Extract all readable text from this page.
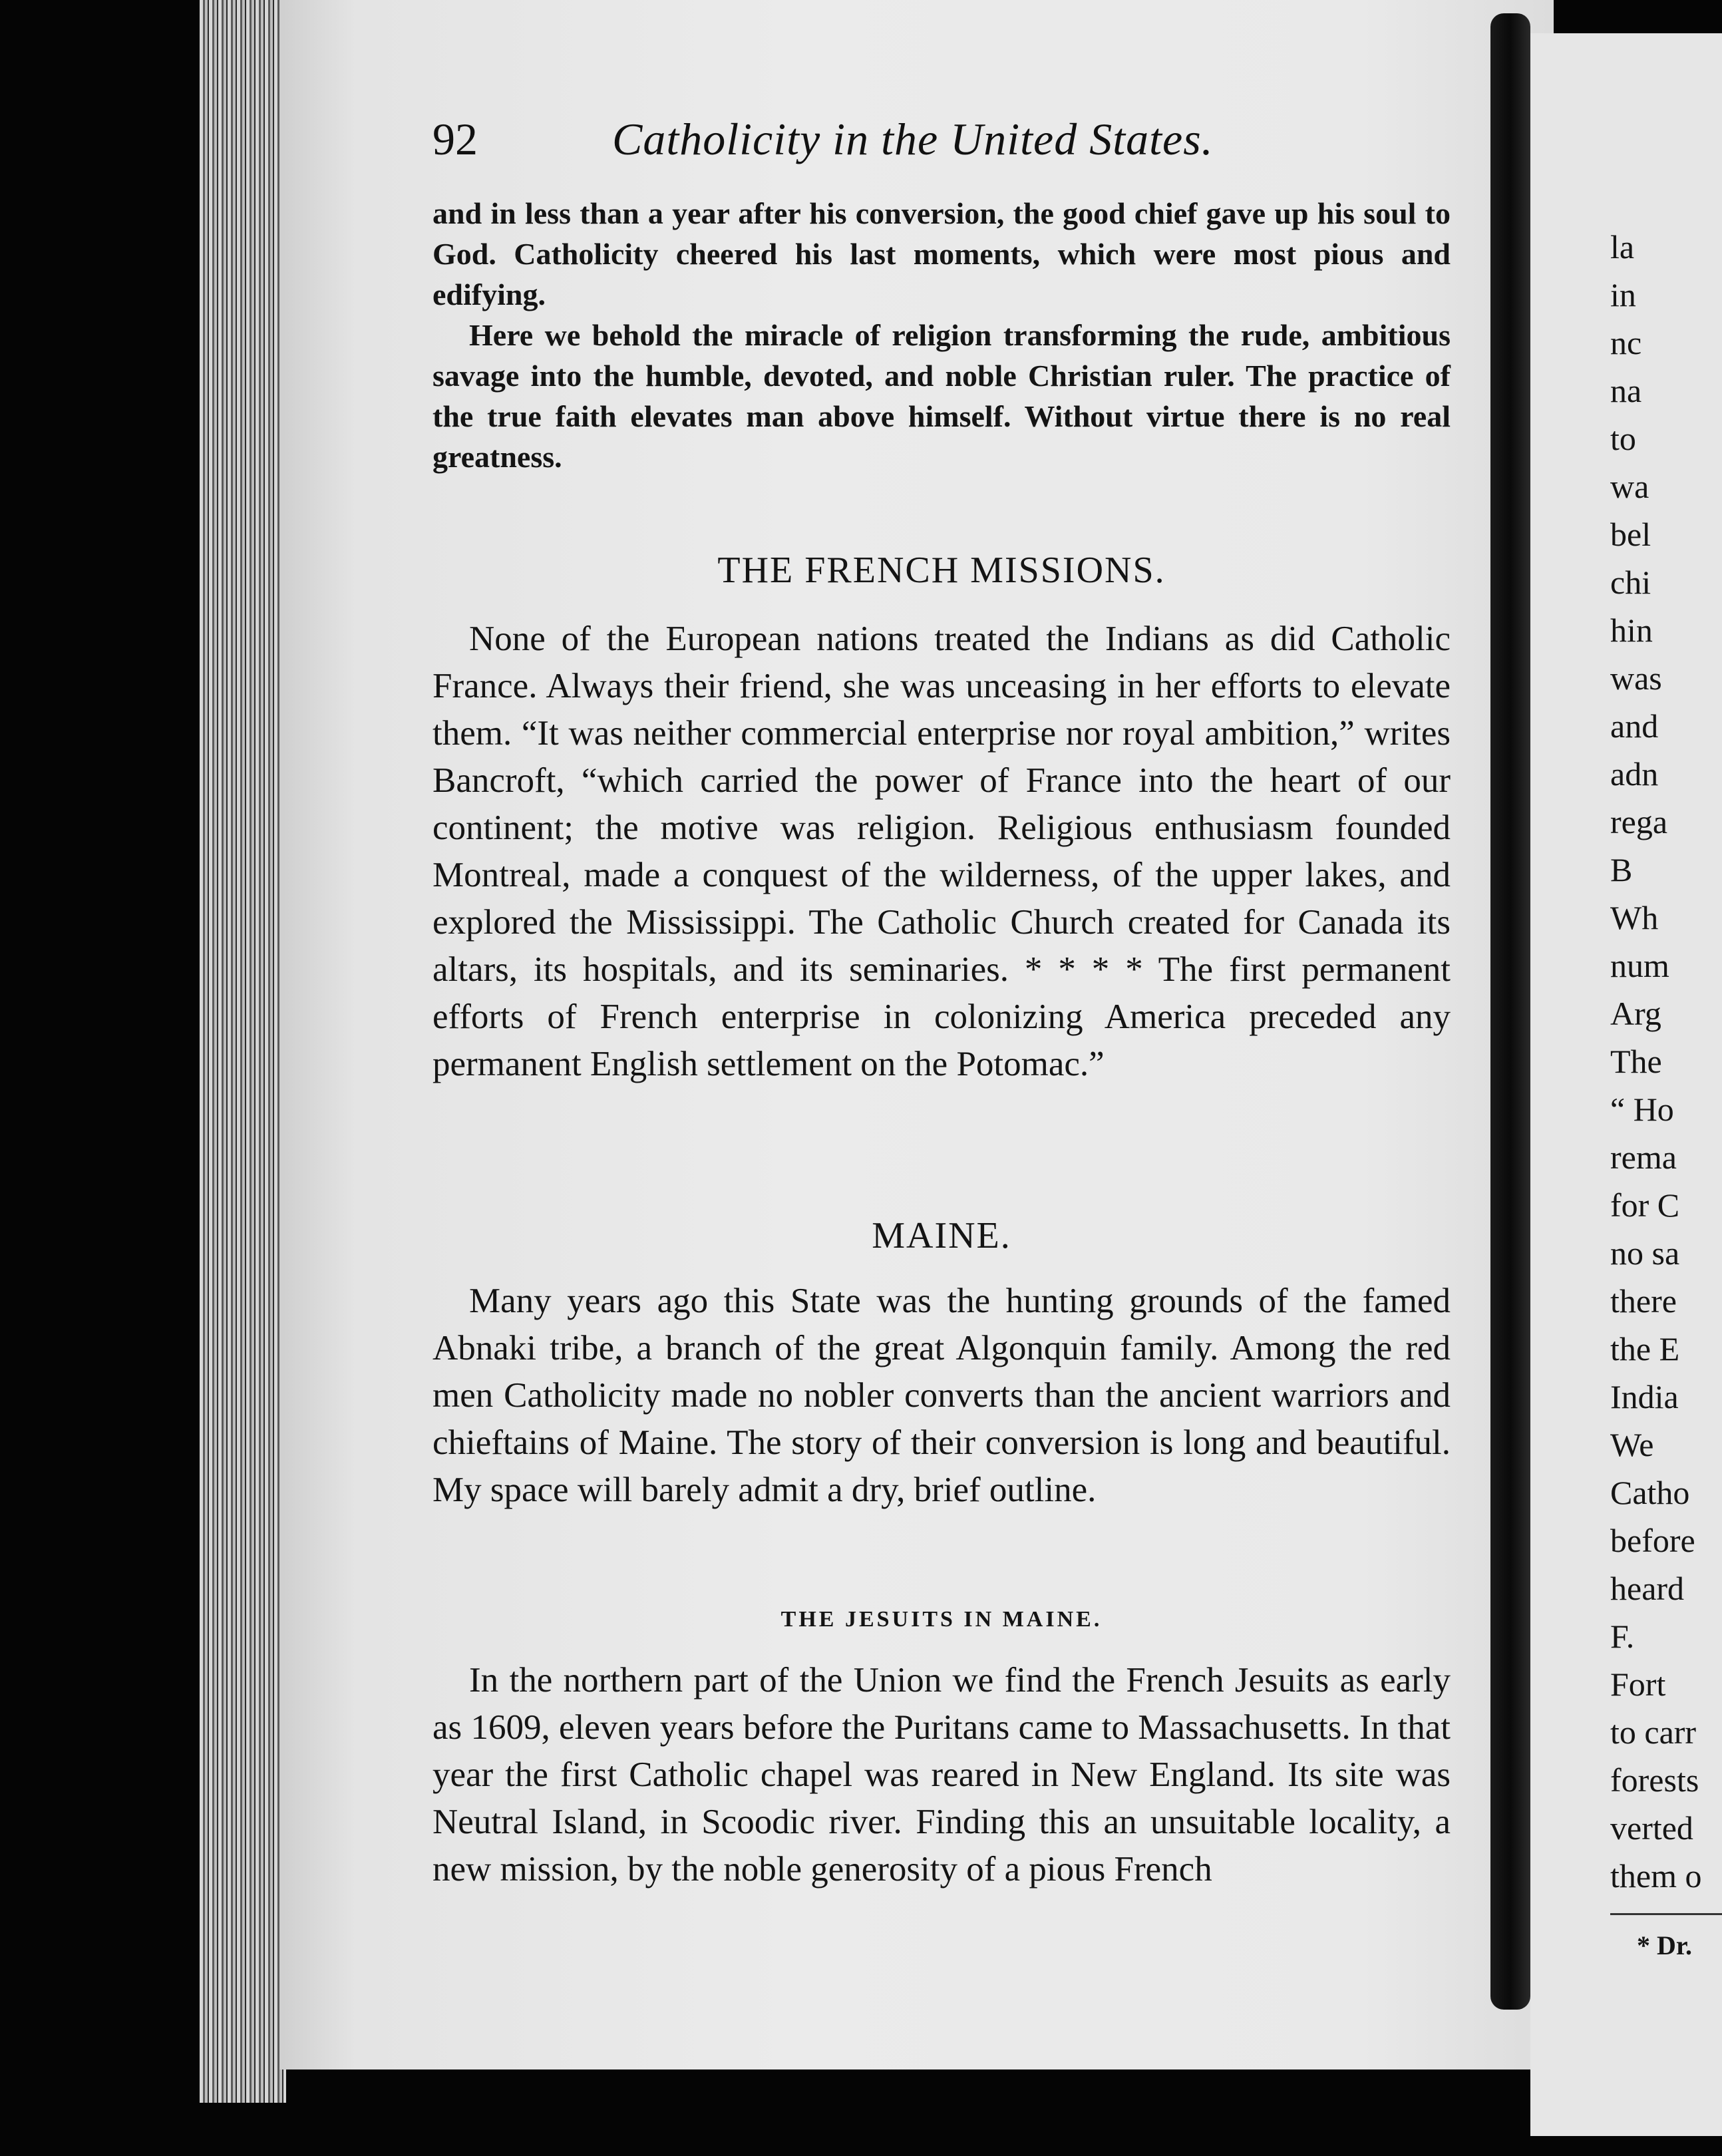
92	Catholicity in the United States.

and in less than a year after his conversion, the good chief gave up his soul to God. Catholicity cheered his last moments, which were most pious and edifying.

Here we behold the miracle of religion transforming the rude, ambitious savage into the humble, devoted, and noble Christian ruler. The practice of the true faith elevates man above himself. Without virtue there is no real greatness.

THE FRENCH MISSIONS.

None of the European nations treated the Indians as did Catholic France. Always their friend, she was unceasing in her efforts to elevate them. “It was neither commercial enterprise nor royal ambition,” writes Bancroft, “which carried the power of France into the heart of our continent; the motive was religion. Religious enthusiasm founded Montreal, made a conquest of the wilderness, of the upper lakes, and explored the Mississippi. The Catholic Church created for Canada its altars, its hospitals, and its seminaries. * * * * The first permanent efforts of French enterprise in colonizing America preceded any permanent English settlement on the Potomac.”

MAINE.

Many years ago this State was the hunting grounds of the famed Abnaki tribe, a branch of the great Algonquin family. Among the red men Catholicity made no nobler converts than the ancient warriors and chieftains of Maine. The story of their conversion is long and beautiful. My space will barely admit a dry, brief outline.

THE JESUITS IN MAINE.

In the northern part of the Union we find the French Jesuits as early as 1609, eleven years before the Puritans came to Massachusetts. In that year the first Catholic chapel was reared in New England. Its site was Neutral Island, in Scoodic river. Finding this an unsuitable locality, a new mission, by the noble generosity of a pious French

la
in
nc
na
to
wa
bel
chi
hin
was
and
adn
rega
B
Wh
num
Arg
The
“ Ho
rema
for C
no sa
there
the E
India
We
Catho
before
heard
F.
Fort
to carr
forests
verted
them o
* Dr.
